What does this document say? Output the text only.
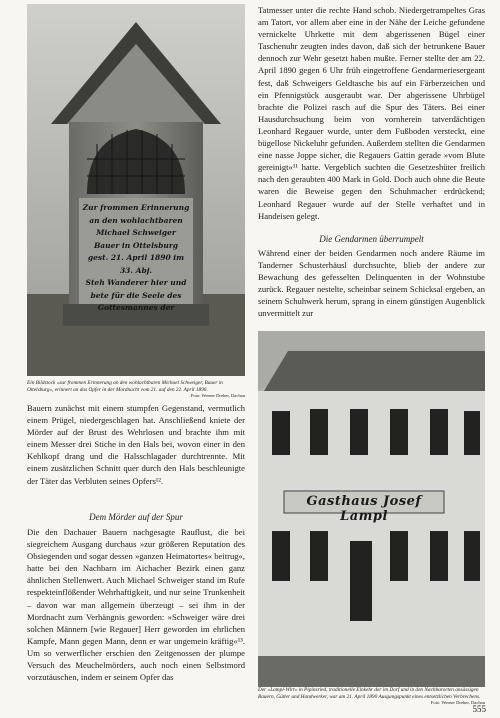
Tatmesser unter die rechte Hand schob. Niedergetrampeltes Gras am Tatort, vor allem aber eine in der Nähe der Leiche gefundene vernickelte Uhrkette mit dem abgerissenen Bügel einer Taschenuhr zeugten indes davon, daß sich der betrunkene Bauer dennoch zur Wehr gesetzt haben mußte. Ferner stellte der am 22. April 1890 gegen 6 Uhr früh eingetroffene Gendarmeriesergeant fest, daß Schweigers Geldtasche bis auf ein Färberzeichen und ein Pfennigstück ausgeraubt war. Der abgerissene Uhrbügel brachte die Polizei rasch auf die Spur des Täters. Bei einer Hausdurchsuchung beim von vornherein tatverdächtigen Leonhard Regauer wurde, unter dem Fußboden versteckt, eine bügellose Nickeluhr gefunden. Außerdem stellten die Gendarmen eine nasse Joppe sicher, die Regauers Gattin gerade »vom Blute gereinigt«¹¹ hatte. Vergeblich suchten die Gesetzeshüter freilich nach den geraubten 400 Mark in Gold. Doch auch ohne die Beute waren die Beweise gegen den Schuhmacher erdrückend; Leonhard Regauer wurde auf der Stelle verhaftet und in Handeisen gelegt.

Die Gendarmen überrumpelt

Während einer der beiden Gendarmen noch andere Räume im Tanderner Schusterhäusl durchsuchte, blieb der andere zur Bewachung des gefesselten Delinquenten in der Wohnstube zurück. Regauer nestelte, scheinbar seinem Schicksal ergeben, an seinem Schuhwerk herum, sprang in einem günstigen Augenblick unvermittelt zur

Zur frommen Erinnerung
an den wohlachtbaren
Michael Schweiger
Bauer in Ottelsburg
gest. 21. April 1890 im 33. Abj.
Steh Wanderer hier und
bete für die Seele des
Gottesmannes der
Ein Bildstock »zur frommen Erinnerung an den wohlachtbaren Michael Schweiger, Bauer in Ottelsburg«, erinnert an das Opfer in der Mordnacht vom 21. auf den 22. April 1890.
Foto: Werner Dreher, Dachau

Bauern zunächst mit einem stumpfen Gegenstand, vermutlich einem Prügel, niedergeschlagen hat. Anschließend kniete der Mörder auf der Brust des Wehrlosen und brachte ihm mit einem Messer drei Stiche in den Hals bei, wovon einer in den Kehlkopf drang und die Halsschlagader durchtrennte. Mit einem zusätzlichen Schnitt quer durch den Hals beschleunigte der Täter das Verbluten seines Opfers¹².

Dem Mörder auf der Spur

Die den Dachauer Bauern nachgesagte Rauflust, die bei siegreichem Ausgang durchaus »zur größeren Reputation des Obsiegenden und sogar dessen »ganzen Heimatortes« beitrug«, hatte bei den Nachbarn im Aichacher Bezirk einen ganz ähnlichen Stellenwert. Auch Michael Schweiger stand im Rufe respekteinflößender Wehrhaftigkeit, und nur seine Trunkenheit – davon war man allgemein überzeugt – sei ihm in der Mordnacht zum Verhängnis geworden: »Schweiger wäre drei solchen Männern [wie Regauer] Herr geworden im ehrlichen Kampfe, Mann gegen Mann, denn er war ungemein kräftig«¹³. Um so verwerflicher erschien den Zeitgenossen der plumpe Versuch des Meuchelmörders, auch noch einen Selbstmord vorzutäuschen, indem er seinem Opfer das

Gasthaus Josef Lampl
Der »Lampl-Wirt« in Pipinsried, traditionelle Einkehr der im Dorf und in den Nachbarorten ansässigen Bauern, Gütler und Handwerker, war am 21. April 1890 Ausgangspunkt eines entsetzlichen Verbrechens.
Foto: Werner Dreher, Dachau
555
